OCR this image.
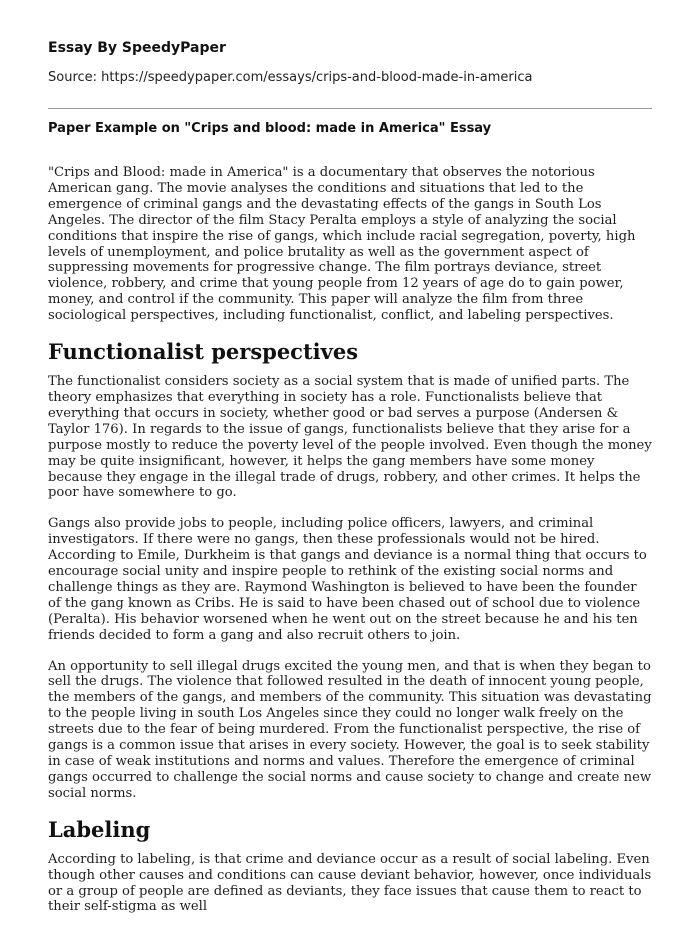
Essay By SpeedyPaper
Source: https://speedypaper.com/essays/crips-and-blood-made-in-america
Paper Example on "Crips and blood: made in America" Essay

"Crips and Blood: made in America" is a documentary that observes the notorious American gang. The movie analyses the conditions and situations that led to the emergence of criminal gangs and the devastating effects of the gangs in South Los Angeles. The director of the film Stacy Peralta employs a style of analyzing the social conditions that inspire the rise of gangs, which include racial segregation, poverty, high levels of unemployment, and police brutality as well as the government aspect of suppressing movements for progressive change. The film portrays deviance, street violence, robbery, and crime that young people from 12 years of age do to gain power, money, and control if the community. This paper will analyze the film from three sociological perspectives, including functionalist, conflict, and labeling perspectives.

Functionalist perspectives

The functionalist considers society as a social system that is made of unified parts. The theory emphasizes that everything in society has a role. Functionalists believe that everything that occurs in society, whether good or bad serves a purpose (Andersen & Taylor 176). In regards to the issue of gangs, functionalists believe that they arise for a purpose mostly to reduce the poverty level of the people involved. Even though the money may be quite insignificant, however, it helps the gang members have some money because they engage in the illegal trade of drugs, robbery, and other crimes. It helps the poor have somewhere to go.

Gangs also provide jobs to people, including police officers, lawyers, and criminal investigators. If there were no gangs, then these professionals would not be hired. According to Emile, Durkheim is that gangs and deviance is a normal thing that occurs to encourage social unity and inspire people to rethink of the existing social norms and challenge things as they are. Raymond Washington is believed to have been the founder of the gang known as Cribs. He is said to have been chased out of school due to violence (Peralta). His behavior worsened when he went out on the street because he and his ten friends decided to form a gang and also recruit others to join.

An opportunity to sell illegal drugs excited the young men, and that is when they began to sell the drugs. The violence that followed resulted in the death of innocent young people, the members of the gangs, and members of the community. This situation was devastating to the people living in south Los Angeles since they could no longer walk freely on the streets due to the fear of being murdered. From the functionalist perspective, the rise of gangs is a common issue that arises in every society. However, the goal is to seek stability in case of weak institutions and norms and values. Therefore the emergence of criminal gangs occurred to challenge the social norms and cause society to change and create new social norms.

Labeling

According to labeling, is that crime and deviance occur as a result of social labeling. Even though other causes and conditions can cause deviant behavior, however, once individuals or a group of people are defined as deviants, they face issues that cause them to react to their self-stigma as well
